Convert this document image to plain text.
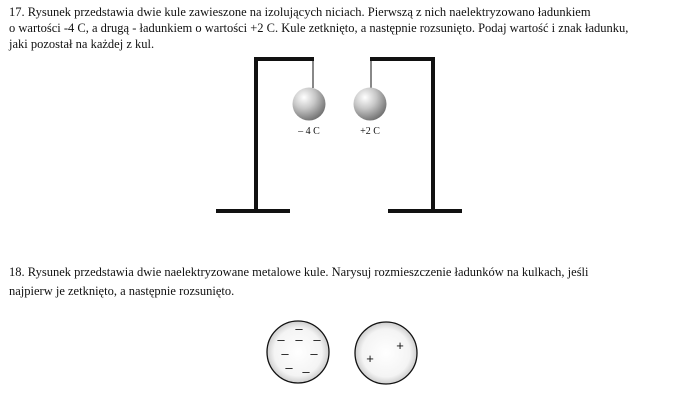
17. Rysunek przedstawia dwie kule zawieszone na izolujących niciach. Pierwszą z nich naelektryzowano ładunkiem
o wartości -4 C, a drugą - ładunkiem o wartości +2 C. Kule zetknięto, a następnie rozsunięto. Podaj wartość i znak ładunku,
jaki pozostał na każdej z kul.
– 4 C	+2 C
–
– – –
– –
– –
+
+
18. Rysunek przedstawia dwie naelektryzowane metalowe kule. Narysuj rozmieszczenie ładunków na kulkach, jeśli
najpierw je zetknięto, a następnie rozsunięto.
